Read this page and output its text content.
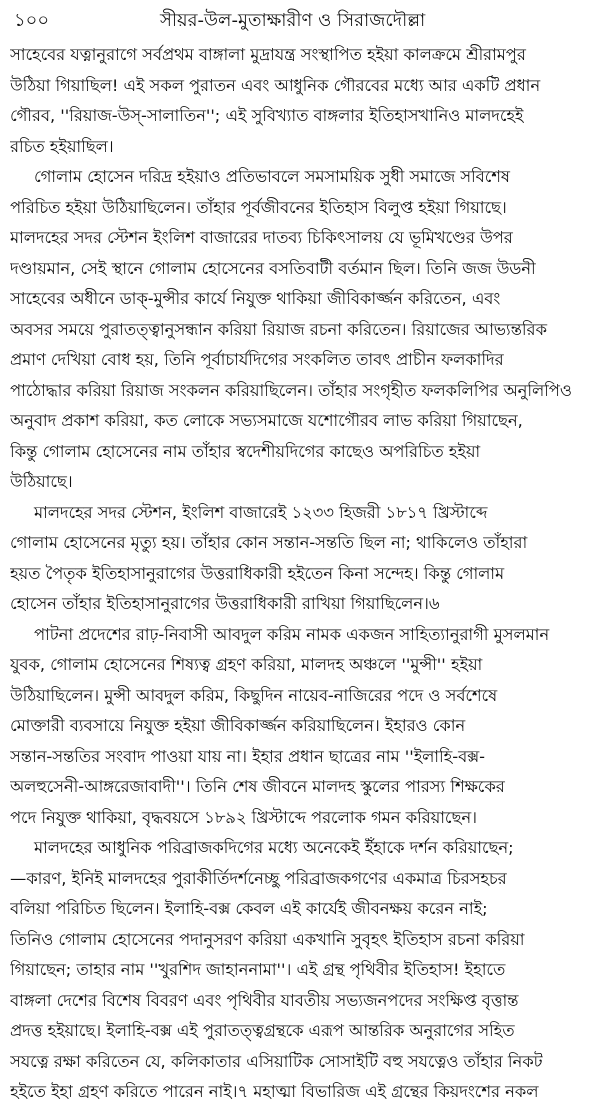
১০০	সীয়র-উল-মুতাক্ষারীণ ও সিরাজদৌল্লা

সাহেবের যত্নানুরাগে সর্বপ্রথম বাঙ্গালা মুদ্রাযন্ত্র সংস্থাপিত হইয়া কালক্রমে শ্রীরামপুর
উঠিয়া গিয়াছিল! এই সকল পুরাতন এবং আধুনিক গৌরবের মধ্যে আর একটি প্রধান
গৌরব, ''রিয়াজ-উস্-সালাতিন''; এই সুবিখ্যাত বাঙ্গলার ইতিহাসখানিও মালদহেই
রচিত হইয়াছিল।

গোলাম হোসেন দরিদ্র হইয়াও প্রতিভাবলে সমসাময়িক সুধী সমাজে সবিশেষ
পরিচিত হইয়া উঠিয়াছিলেন। তাঁহার পূর্বজীবনের ইতিহাস বিলুপ্ত হইয়া গিয়াছে।
মালদহের সদর স্টেশন ইংলিশ বাজারের দাতব্য চিকিৎসালয় যে ভূমিখণ্ডের উপর
দণ্ডায়মান, সেই স্থানে গোলাম হোসেনের বসতিবাটী বর্তমান ছিল। তিনি জজ উডনী
সাহেবের অধীনে ডাক্-মুন্সীর কার্যে নিযুক্ত থাকিয়া জীবিকার্জ্জন করিতেন, এবং
অবসর সময়ে পুরাতত্ত্বানুসন্ধান করিয়া রিয়াজ রচনা করিতেন। রিয়াজের আভ্যন্তরিক
প্রমাণ দেখিয়া বোধ হয়, তিনি পূর্বাচার্যদিগের সংকলিত তাবৎ প্রাচীন ফলকাদির
পাঠোদ্ধার করিয়া রিয়াজ সংকলন করিয়াছিলেন। তাঁহার সংগৃহীত ফলকলিপির অনুলিপিও
অনুবাদ প্রকাশ করিয়া, কত লোকে সভ্যসমাজে যশোগৌরব লাভ করিয়া গিয়াছেন,
কিন্তু গোলাম হোসেনের নাম তাঁহার স্বদেশীয়দিগের কাছেও অপরিচিত হইয়া
উঠিয়াছে।

মালদহের সদর স্টেশন, ইংলিশ বাজারেই ১২৩৩ হিজরী ১৮১৭ খ্রিস্টাব্দে
গোলাম হোসেনের মৃত্যু হয়। তাঁহার কোন সন্তান-সন্ততি ছিল না; থাকিলেও তাঁহারা
হয়ত পৈতৃক ইতিহাসানুরাগের উত্তরাধিকারী হইতেন কিনা সন্দেহ। কিন্তু গোলাম
হোসেন তাঁহার ইতিহাসানুরাগের উত্তরাধিকারী রাখিয়া গিয়াছিলেন।৬

পাটনা প্রদেশের রাঢ়-নিবাসী আবদুল করিম নামক একজন সাহিত্যানুরাগী মুসলমান
যুবক, গোলাম হোসেনের শিষ্যত্ব গ্রহণ করিয়া, মালদহ অঞ্চলে ''মুন্সী'' হইয়া
উঠিয়াছিলেন। মুন্সী আবদুল করিম, কিছুদিন নায়েব-নাজিরের পদে ও সর্বশেষে
মোক্তারী ব্যবসায়ে নিযুক্ত হইয়া জীবিকার্জ্জন করিয়াছিলেন। ইহারও কোন
সন্তান-সন্ততির সংবাদ পাওয়া যায় না। ইহার প্রধান ছাত্রের নাম ''ইলাহি-বক্স-
অলহুসেনী-আঙ্গরেজাবাদী''। তিনি শেষ জীবনে মালদহ স্কুলের পারস্য শিক্ষকের
পদে নিযুক্ত থাকিয়া, বৃদ্ধবয়সে ১৮৯২ খ্রিস্টাব্দে পরলোক গমন করিয়াছেন।

মালদহের আধুনিক পরিব্রাজকদিগের মধ্যে অনেকেই ইঁহাকে দর্শন করিয়াছেন;
—কারণ, ইনিই মালদহের পুরাকীর্তিদর্শনেচ্ছু পরিব্রাজকগণের একমাত্র চিরসহচর
বলিয়া পরিচিত ছিলেন। ইলাহি-বক্স কেবল এই কার্যেই জীবনক্ষয় করেন নাই;
তিনিও গোলাম হোসেনের পদানুসরণ করিয়া একখানি সুবৃহৎ ইতিহাস রচনা করিয়া
গিয়াছেন; তাহার নাম ''খুরশিদ জাহাননামা''। এই গ্রন্থ পৃথিবীর ইতিহাস! ইহাতে
বাঙ্গলা দেশের বিশেষ বিবরণ এবং পৃথিবীর যাবতীয় সভ্যজনপদের সংক্ষিপ্ত বৃত্তান্ত
প্রদত্ত হইয়াছে। ইলাহি-বক্স এই পুরাতত্ত্বগ্রন্থকে এরূপ আন্তরিক অনুরাগের সহিত
সযত্নে রক্ষা করিতেন যে, কলিকাতার এসিয়াটিক সোসাইটি বহু সযত্নেও তাঁহার নিকট
হইতে ইহা গ্রহণ করিতে পারেন নাই।৭ মহাত্মা বিভারিজ এই গ্রন্থের কিয়দংশের নকল
